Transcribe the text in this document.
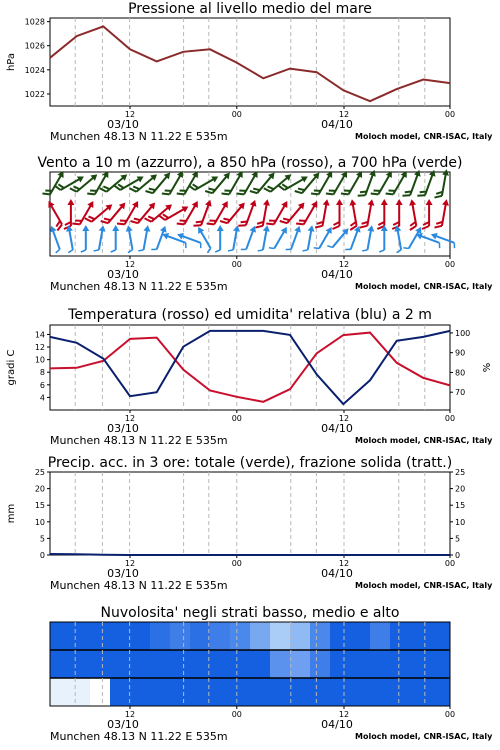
Pressione al livello medio del mare
12	00	12	00
03/10	04/10
Munchen 48.13 N 11.22 E 535m	Moloch model, CNR-ISAC, Italy
1022
1024
1026
1028
hPa
Vento a 10 m (azzurro), a 850 hPa (rosso), a 700 hPa (verde)
12	00	12	00
03/10	04/10
Munchen 48.13 N 11.22 E 535m	Moloch model, CNR-ISAC, Italy
Temperatura (rosso) ed umidita' relativa (blu) a 2 m
12	00	12	00
03/10	04/10
Munchen 48.13 N 11.22 E 535m	Moloch model, CNR-ISAC, Italy
4
6
8
10
12
14
70
80
90
100
gradi C	%
Precip. acc. in 3 ore: totale (verde), frazione solida (tratt.)
12	00	12	00
03/10	04/10
Munchen 48.13 N 11.22 E 535m	Moloch model, CNR-ISAC, Italy
0	0
5	5
10	10
15	15
20	20
25	25
mm
Nuvolosita' negli strati basso, medio e alto
12	00	12	00
03/10	04/10
Munchen 48.13 N 11.22 E 535m	Moloch model, CNR-ISAC, Italy
